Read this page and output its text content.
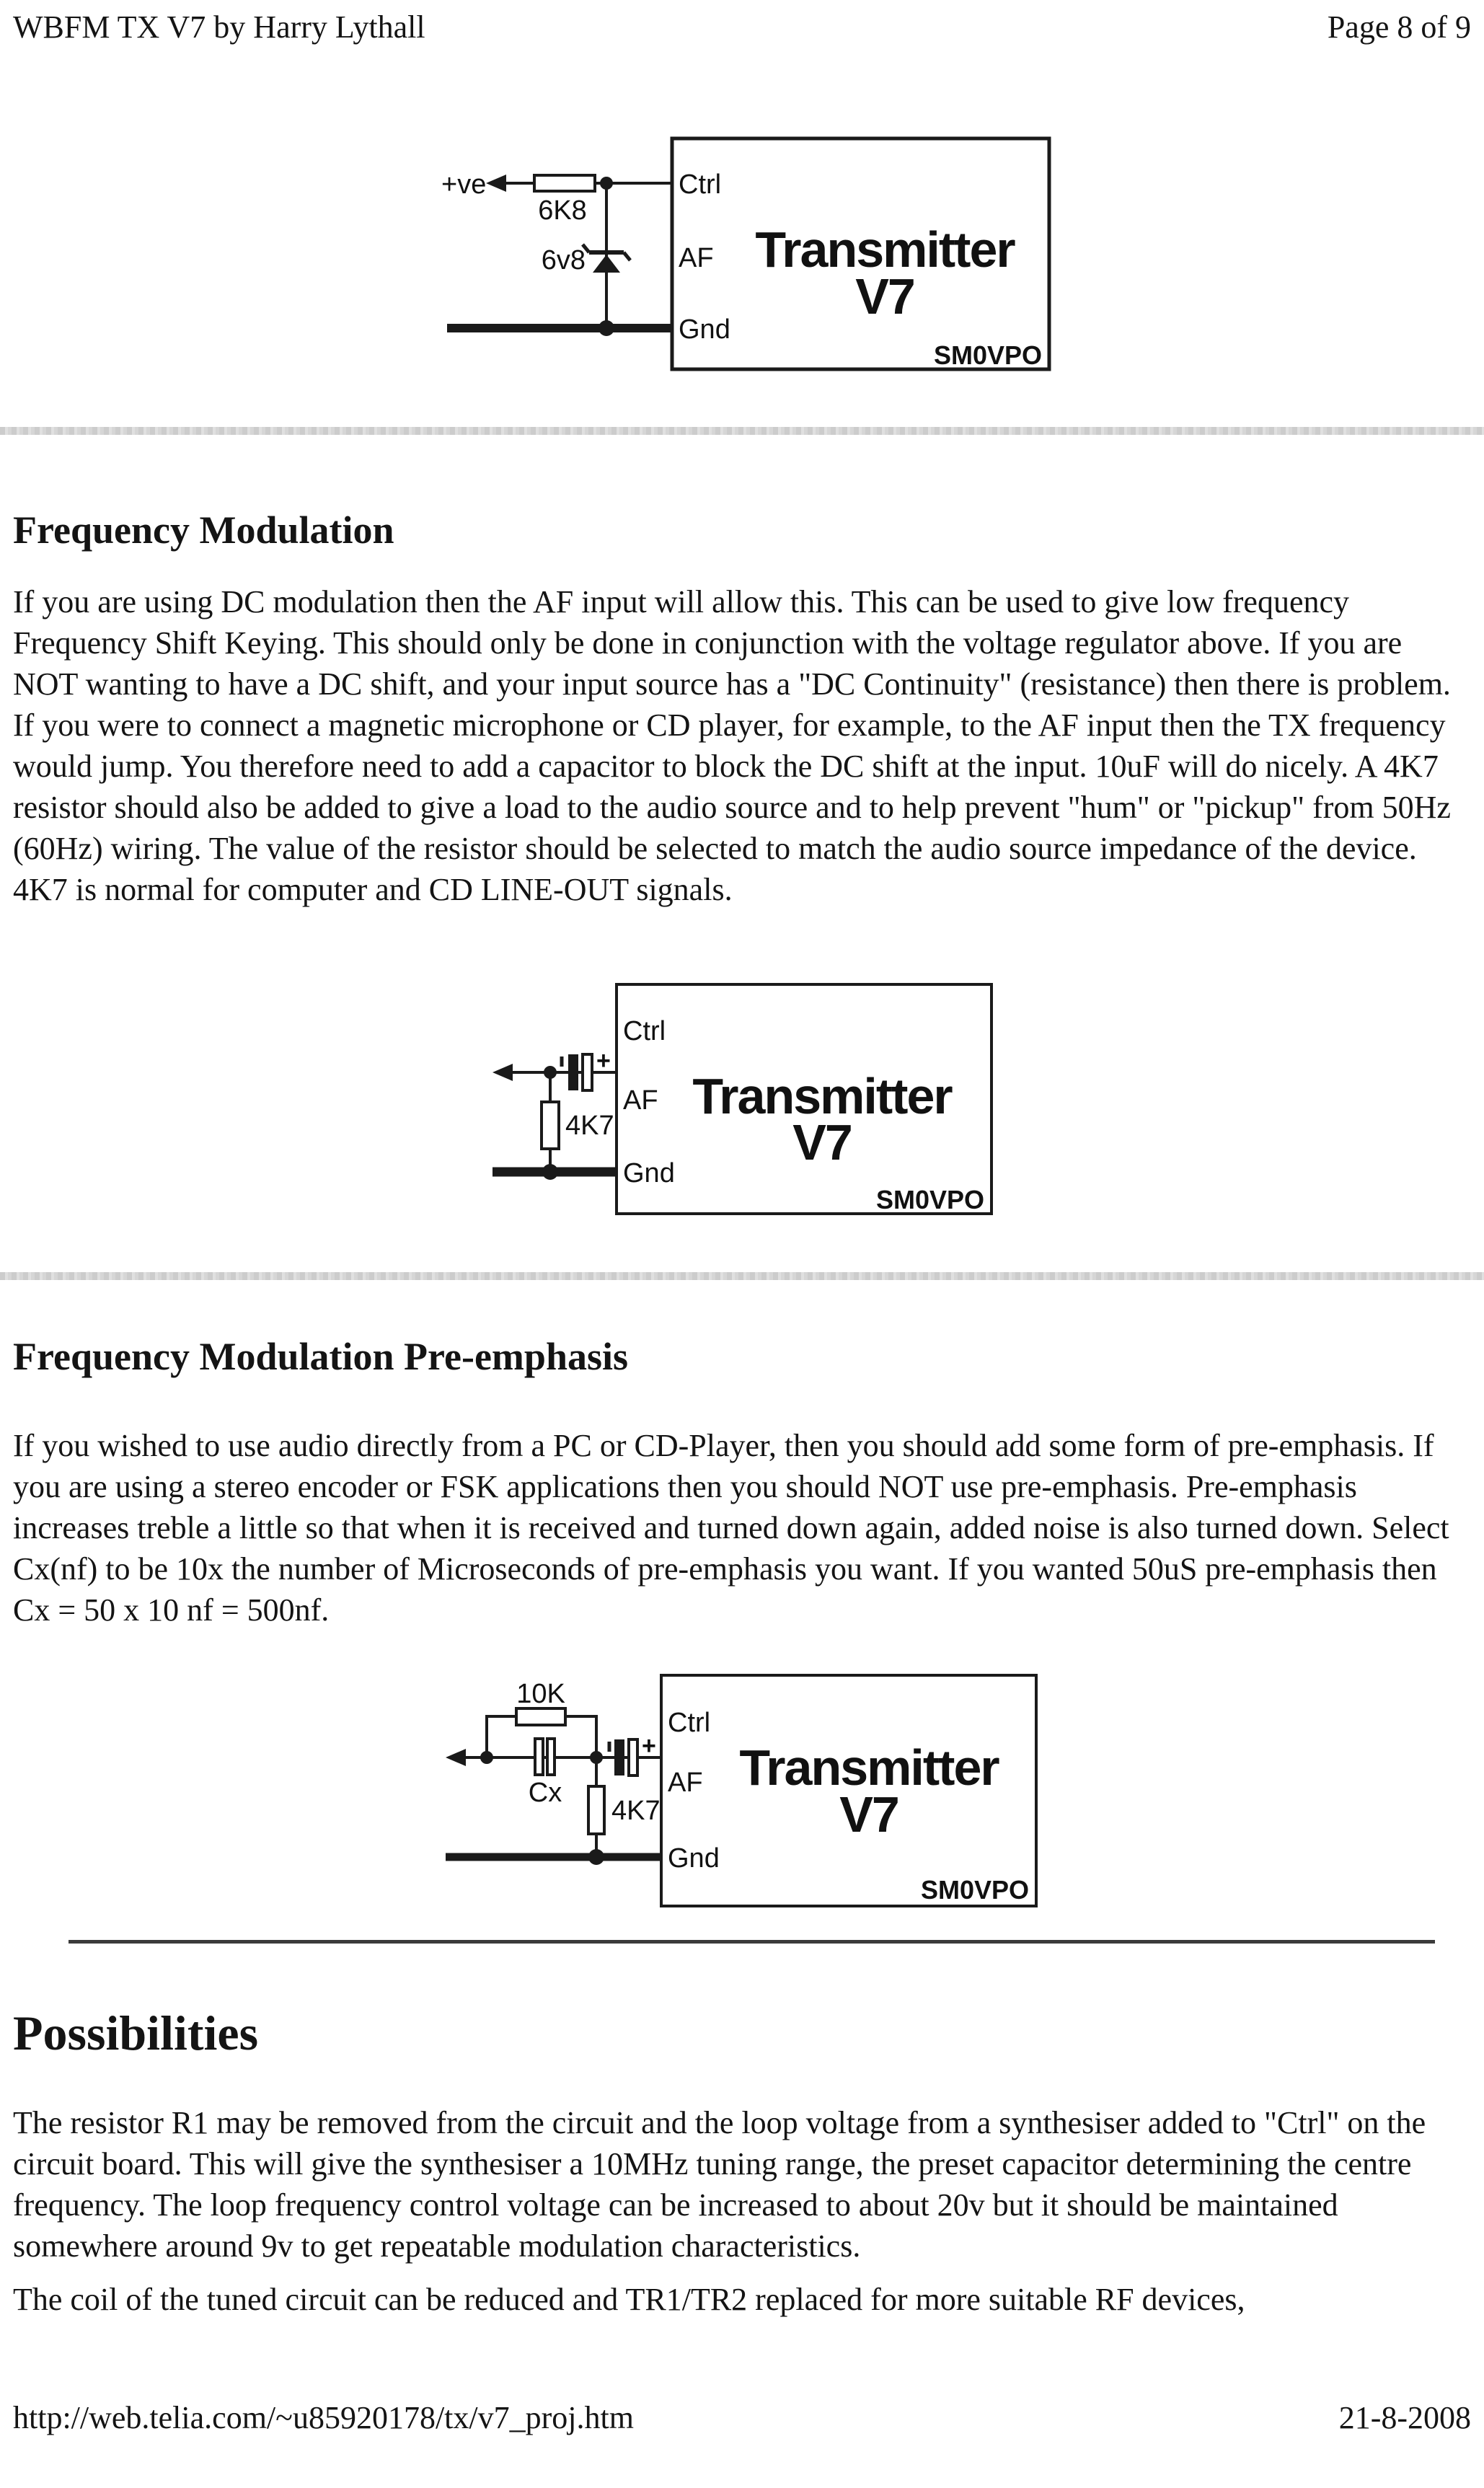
WBFM TX V7 by Harry Lythall	Page 8 of 9
+ve
6K8
6v8
Ctrl
AF
Gnd
Transmitter
V7
SM0VPO
Frequency Modulation
If you are using DC modulation then the AF input will allow this. This can be used to give low frequency Frequency Shift Keying. This should only be done in conjunction with the voltage regulator above. If you are NOT wanting to have a DC shift, and your input source has a "DC Continuity" (resistance) then there is problem. If you were to connect a magnetic microphone or CD player, for example, to the AF input then the TX frequency would jump. You therefore need to add a capacitor to block the DC shift at the input. 10uF will do nicely. A 4K7 resistor should also be added to give a load to the audio source and to help prevent "hum" or "pickup" from 50Hz (60Hz) wiring. The value of the resistor should be selected to match the audio source impedance of the device. 4K7 is normal for computer and CD LINE-OUT signals.
+
4K7
Ctrl
AF
Gnd
Transmitter
V7
SM0VPO
Frequency Modulation Pre-emphasis
If you wished to use audio directly from a PC or CD-Player, then you should add some form of pre-emphasis. If you are using a stereo encoder or FSK applications then you should NOT use pre-emphasis. Pre-emphasis increases treble a little so that when it is received and turned down again, added noise is also turned down. Select Cx(nf) to be 10x the number of Microseconds of pre-emphasis you want. If you wanted 50uS pre-emphasis then Cx = 50 x 10 nf = 500nf.
10K
Cx
+
4K7
Ctrl
AF
Gnd
Transmitter
V7
SM0VPO
Possibilities
The resistor R1 may be removed from the circuit and the loop voltage from a synthesiser added to "Ctrl" on the circuit board. This will give the synthesiser a 10MHz tuning range, the preset capacitor determining the centre frequency. The loop frequency control voltage can be increased to about 20v but it should be maintained somewhere around 9v to get repeatable modulation characteristics.
The coil of the tuned circuit can be reduced and TR1/TR2 replaced for more suitable RF devices,
http://web.telia.com/~u85920178/tx/v7_proj.htm	21-8-2008
